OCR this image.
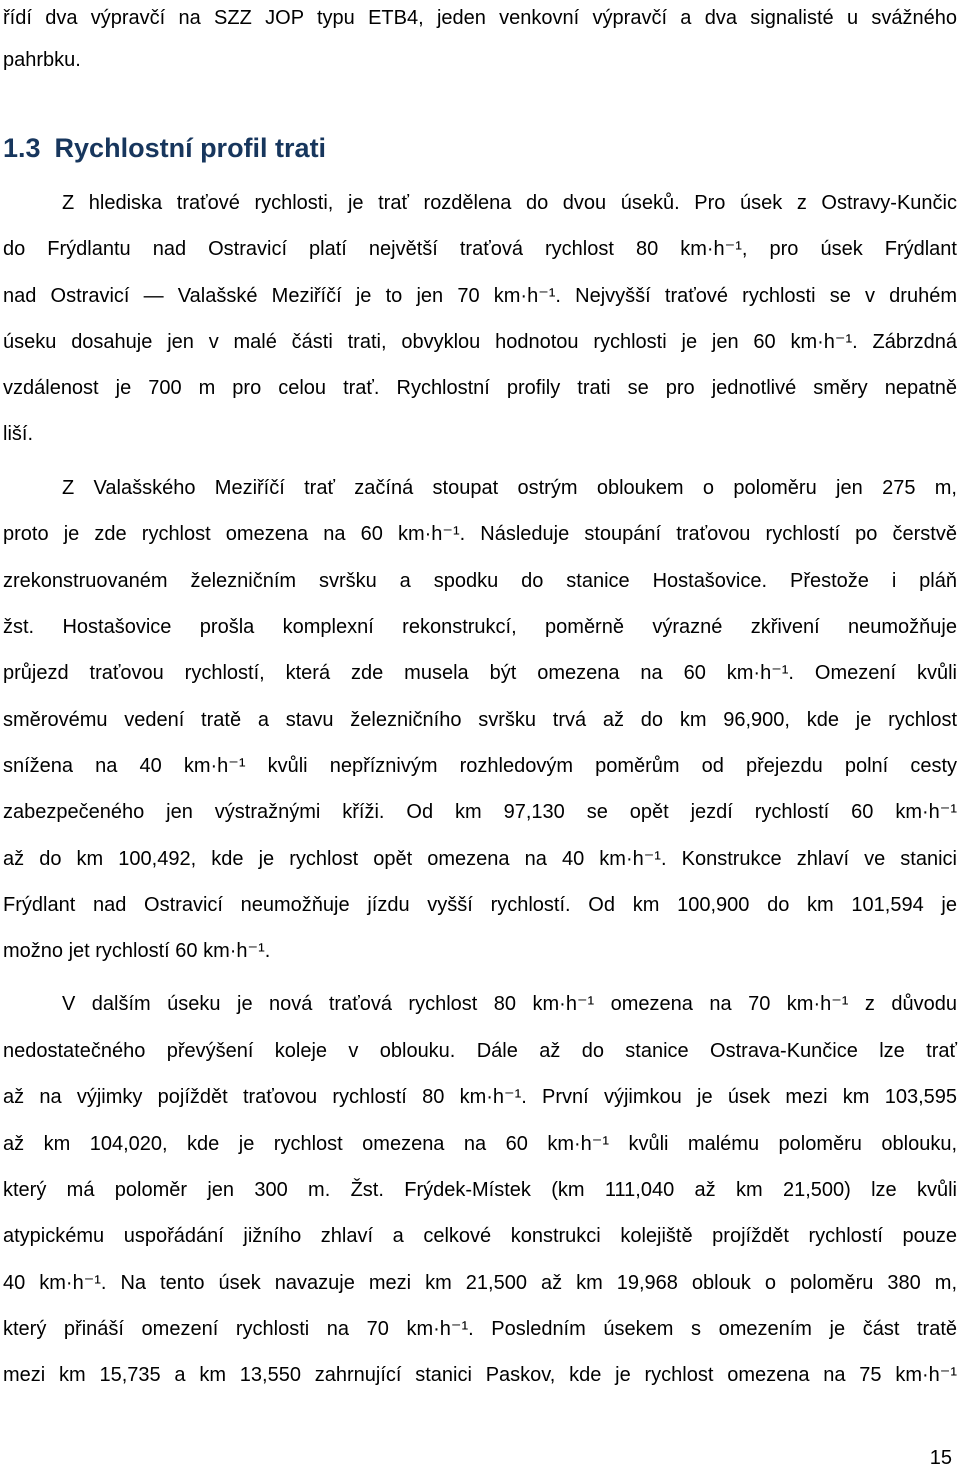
řídí dva výpravčí na SZZ JOP typu ETB4, jeden venkovní výpravčí a dva signalisté u svážného
pahrbku.
1.3 Rychlostní profil trati
Z hlediska traťové rychlosti, je trať rozdělena do dvou úseků. Pro úsek z Ostravy-Kunčic
do Frýdlantu nad Ostravicí platí největší traťová rychlost 80 km·h⁻¹, pro úsek Frýdlant
nad Ostravicí — Valašské Meziříčí je to jen 70 km·h⁻¹. Nejvyšší traťové rychlosti se v druhém
úseku dosahuje jen v malé části trati, obvyklou hodnotou rychlosti je jen 60 km·h⁻¹. Zábrzdná
vzdálenost je 700 m pro celou trať. Rychlostní profily trati se pro jednotlivé směry nepatně
liší.
Z Valašského Meziříčí trať začíná stoupat ostrým obloukem o poloměru jen 275 m,
proto je zde rychlost omezena na 60 km·h⁻¹. Následuje stoupání traťovou rychlostí po čerstvě
zrekonstruovaném železničním svršku a spodku do stanice Hostašovice. Přestože i pláň
žst. Hostašovice prošla komplexní rekonstrukcí, poměrně výrazné zkřivení neumožňuje
průjezd traťovou rychlostí, která zde musela být omezena na 60 km·h⁻¹. Omezení kvůli
směrovému vedení tratě a stavu železničního svršku trvá až do km 96,900, kde je rychlost
snížena na 40 km·h⁻¹ kvůli nepříznivým rozhledovým poměrům od přejezdu polní cesty
zabezpečeného jen výstražnými kříži. Od km 97,130 se opět jezdí rychlostí 60 km·h⁻¹
až do km 100,492, kde je rychlost opět omezena na 40 km·h⁻¹. Konstrukce zhlaví ve stanici
Frýdlant nad Ostravicí neumožňuje jízdu vyšší rychlostí. Od km 100,900 do km 101,594 je
možno jet rychlostí 60 km·h⁻¹.
V dalším úseku je nová traťová rychlost 80 km·h⁻¹ omezena na 70 km·h⁻¹ z důvodu
nedostatečného převýšení koleje v oblouku. Dále až do stanice Ostrava-Kunčice lze trať
až na výjimky pojíždět traťovou rychlostí 80 km·h⁻¹. První výjimkou je úsek mezi km 103,595
až km 104,020, kde je rychlost omezena na 60 km·h⁻¹ kvůli malému poloměru oblouku,
který má poloměr jen 300 m. Žst. Frýdek-Místek (km 111,040 až km 21,500) lze kvůli
atypickému uspořádání jižního zhlaví a celkové konstrukci kolejiště projíždět rychlostí pouze
40 km·h⁻¹. Na tento úsek navazuje mezi km 21,500 až km 19,968 oblouk o poloměru 380 m,
který přináší omezení rychlosti na 70 km·h⁻¹. Posledním úsekem s omezením je část tratě
mezi km 15,735 a km 13,550 zahrnující stanici Paskov, kde je rychlost omezena na 75 km·h⁻¹
15
